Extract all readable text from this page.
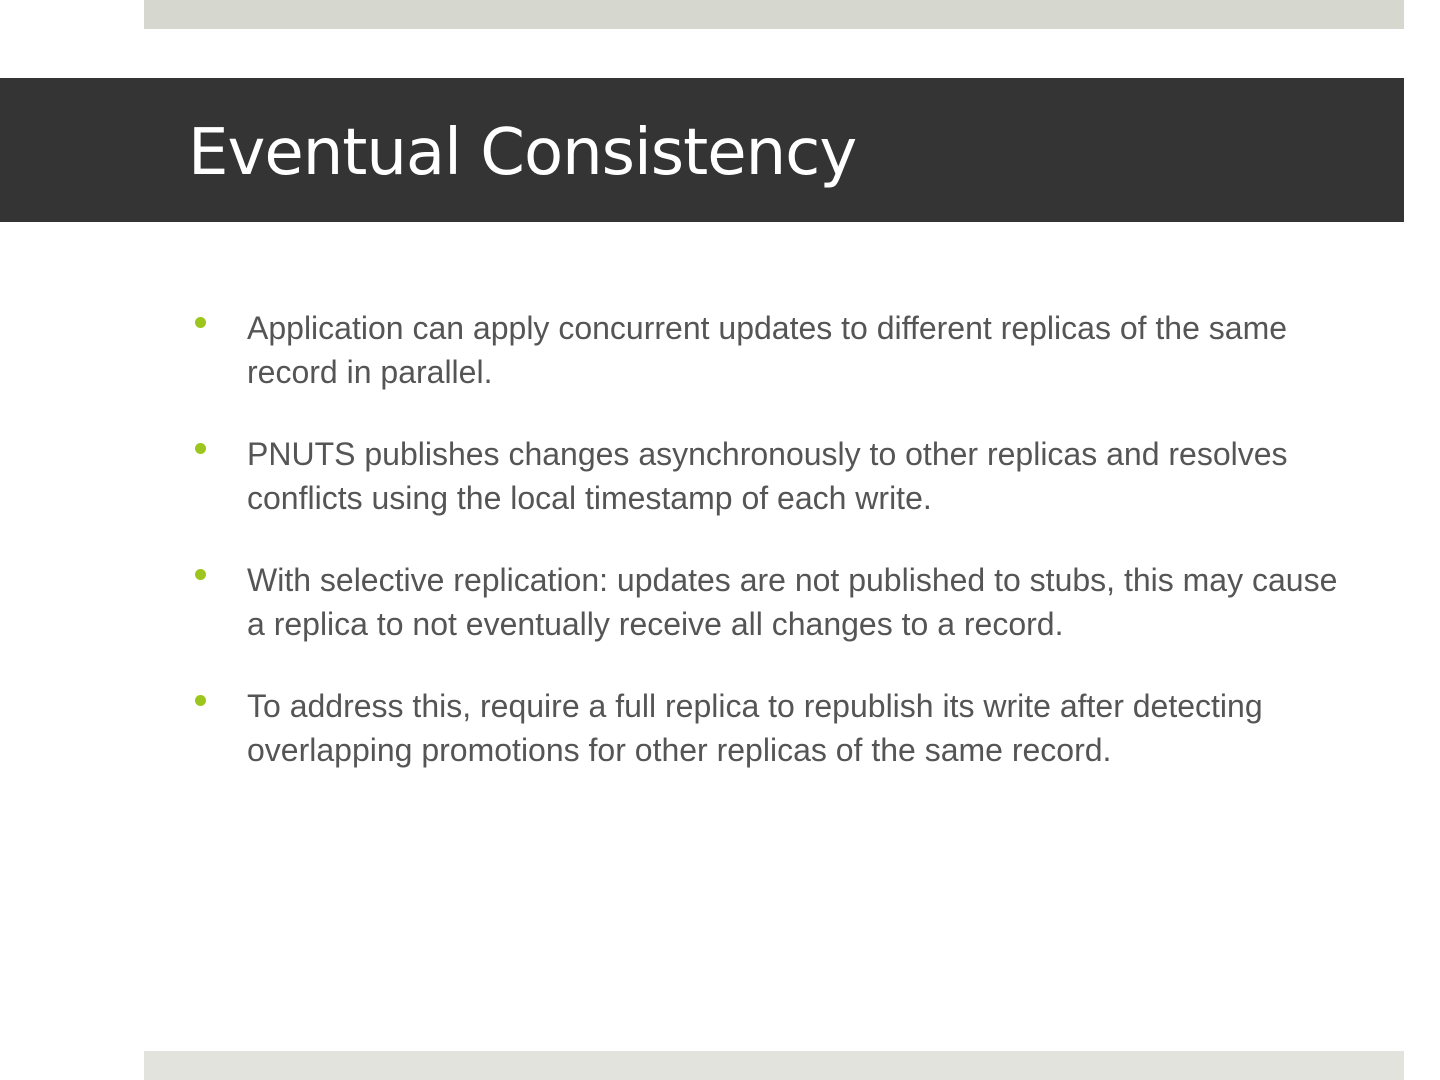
Eventual Consistency
Application can apply concurrent updates to different replicas of the same record in parallel.
PNUTS publishes changes asynchronously to other replicas and resolves conflicts using the local timestamp of each write.
With selective replication: updates are not published to stubs, this may cause a replica to not eventually receive all changes to a record.
To address this, require a full replica to republish its write after detecting overlapping promotions for other replicas of the same record.
